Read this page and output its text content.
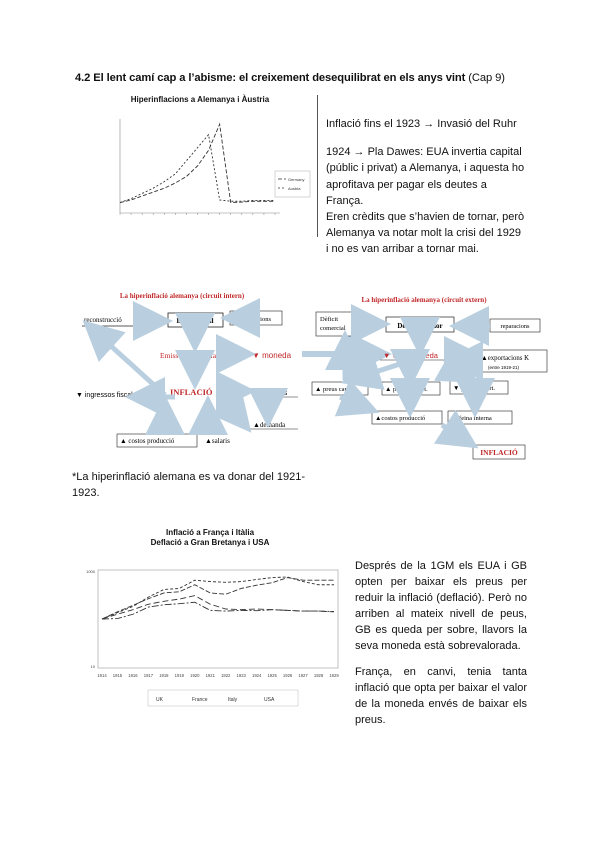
4.2 El lent camí cap a l’abisme: el creixement desequilibrat en els anys vint (Cap 9)
Hiperinflacions a Alemanya i Àustria
Germany
Austria
Inflació fins el 1923 → Invasió del Ruhr
1924 → Pla Dawes: EUA invertia capital (públic i privat) a Alemanya, i aquesta ho aprofitava per pagar els deutes a França.
Eren crèdits que s’havien de tornar, però Alemanya va notar molt la crisi del 1929 i no es van arribar a tornar mai.
La hiperinflació alemanya (circuit intern)
reconstrucció	Dèficit fiscal	reparacions
Emissió monetària	▼ moneda
INFLACIÓ
▼ ingressos fiscals	▼ estalvis
▲demanda
▲ costos producció	▲salaris
La hiperinflació alemanya (circuit extern)
Dèficit
comercial	Dèficit exterior	reparacions
▼ valor moneda	▲exportacions K
(entre 1919-21)
▲ preus capital	▲ preus import.	▼ preus export.
▲costos producció	▼ feina interna
INFLACIÓ
*La hiperinflació alemana es va donar del 1921-1923.
Inflació a França i Itàlia
Deflació a Gran Bretanya i USA
1914 1915 1916 1917 1918 1919 1920 1921 1922 1923 1924 1925 1926 1927 1928 1929
1000
10
UK	France	Italy	USA
Després de la 1GM els EUA i GB opten per baixar els preus per reduir la inflació (deflació). Però no arriben al mateix nivell de peus, GB es queda per sobre, llavors la seva moneda està sobrevalorada.
França, en canvi, tenia tanta inflació que opta per baixar el valor de la moneda envés de baixar els preus.
